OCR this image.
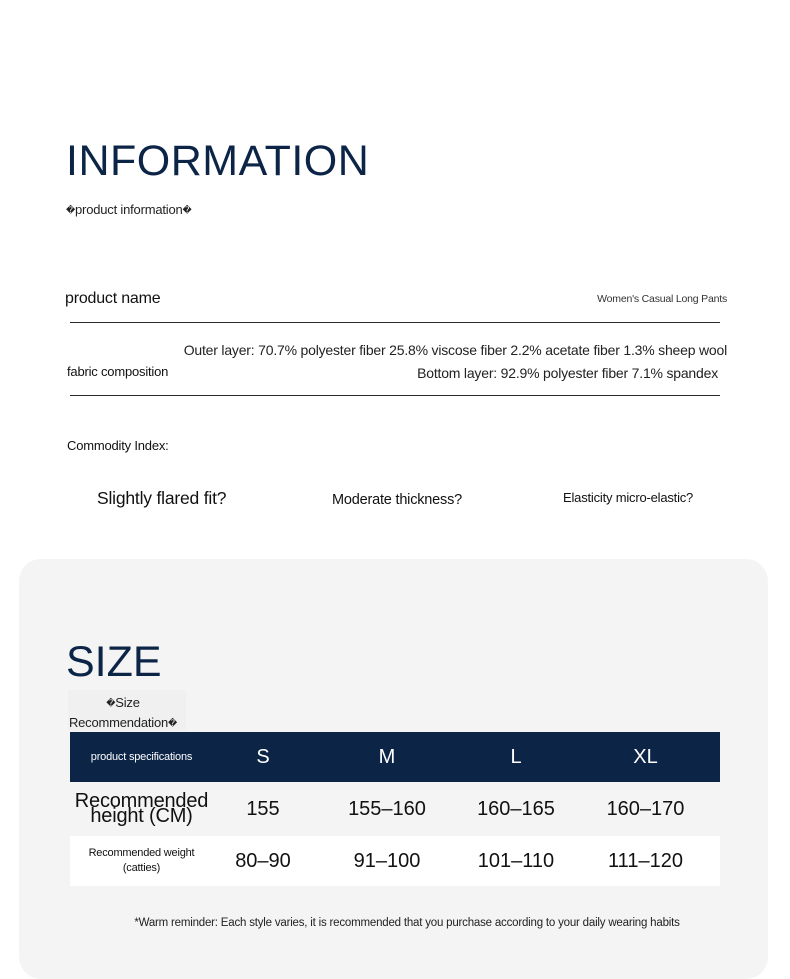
INFORMATION
�product information�
product name	Women's Casual Long Pants
fabric composition
Outer layer: 70.7% polyester fiber 25.8% viscose fiber 2.2% acetate fiber 1.3% sheep wool
Bottom layer: 92.9% polyester fiber 7.1% spandex
Commodity Index:
Slightly flared fit?	Moderate thickness?	Elasticity micro-elastic?
SIZE
�Size Recommendation�
product specifications	S	M	L	XL
Recommended height (CM)	155	155–160	160–165	160–170
Recommended weight (catties)	80–90	91–100	101–110	111–120
*Warm reminder: Each style varies, it is recommended that you purchase according to your daily wearing habits
